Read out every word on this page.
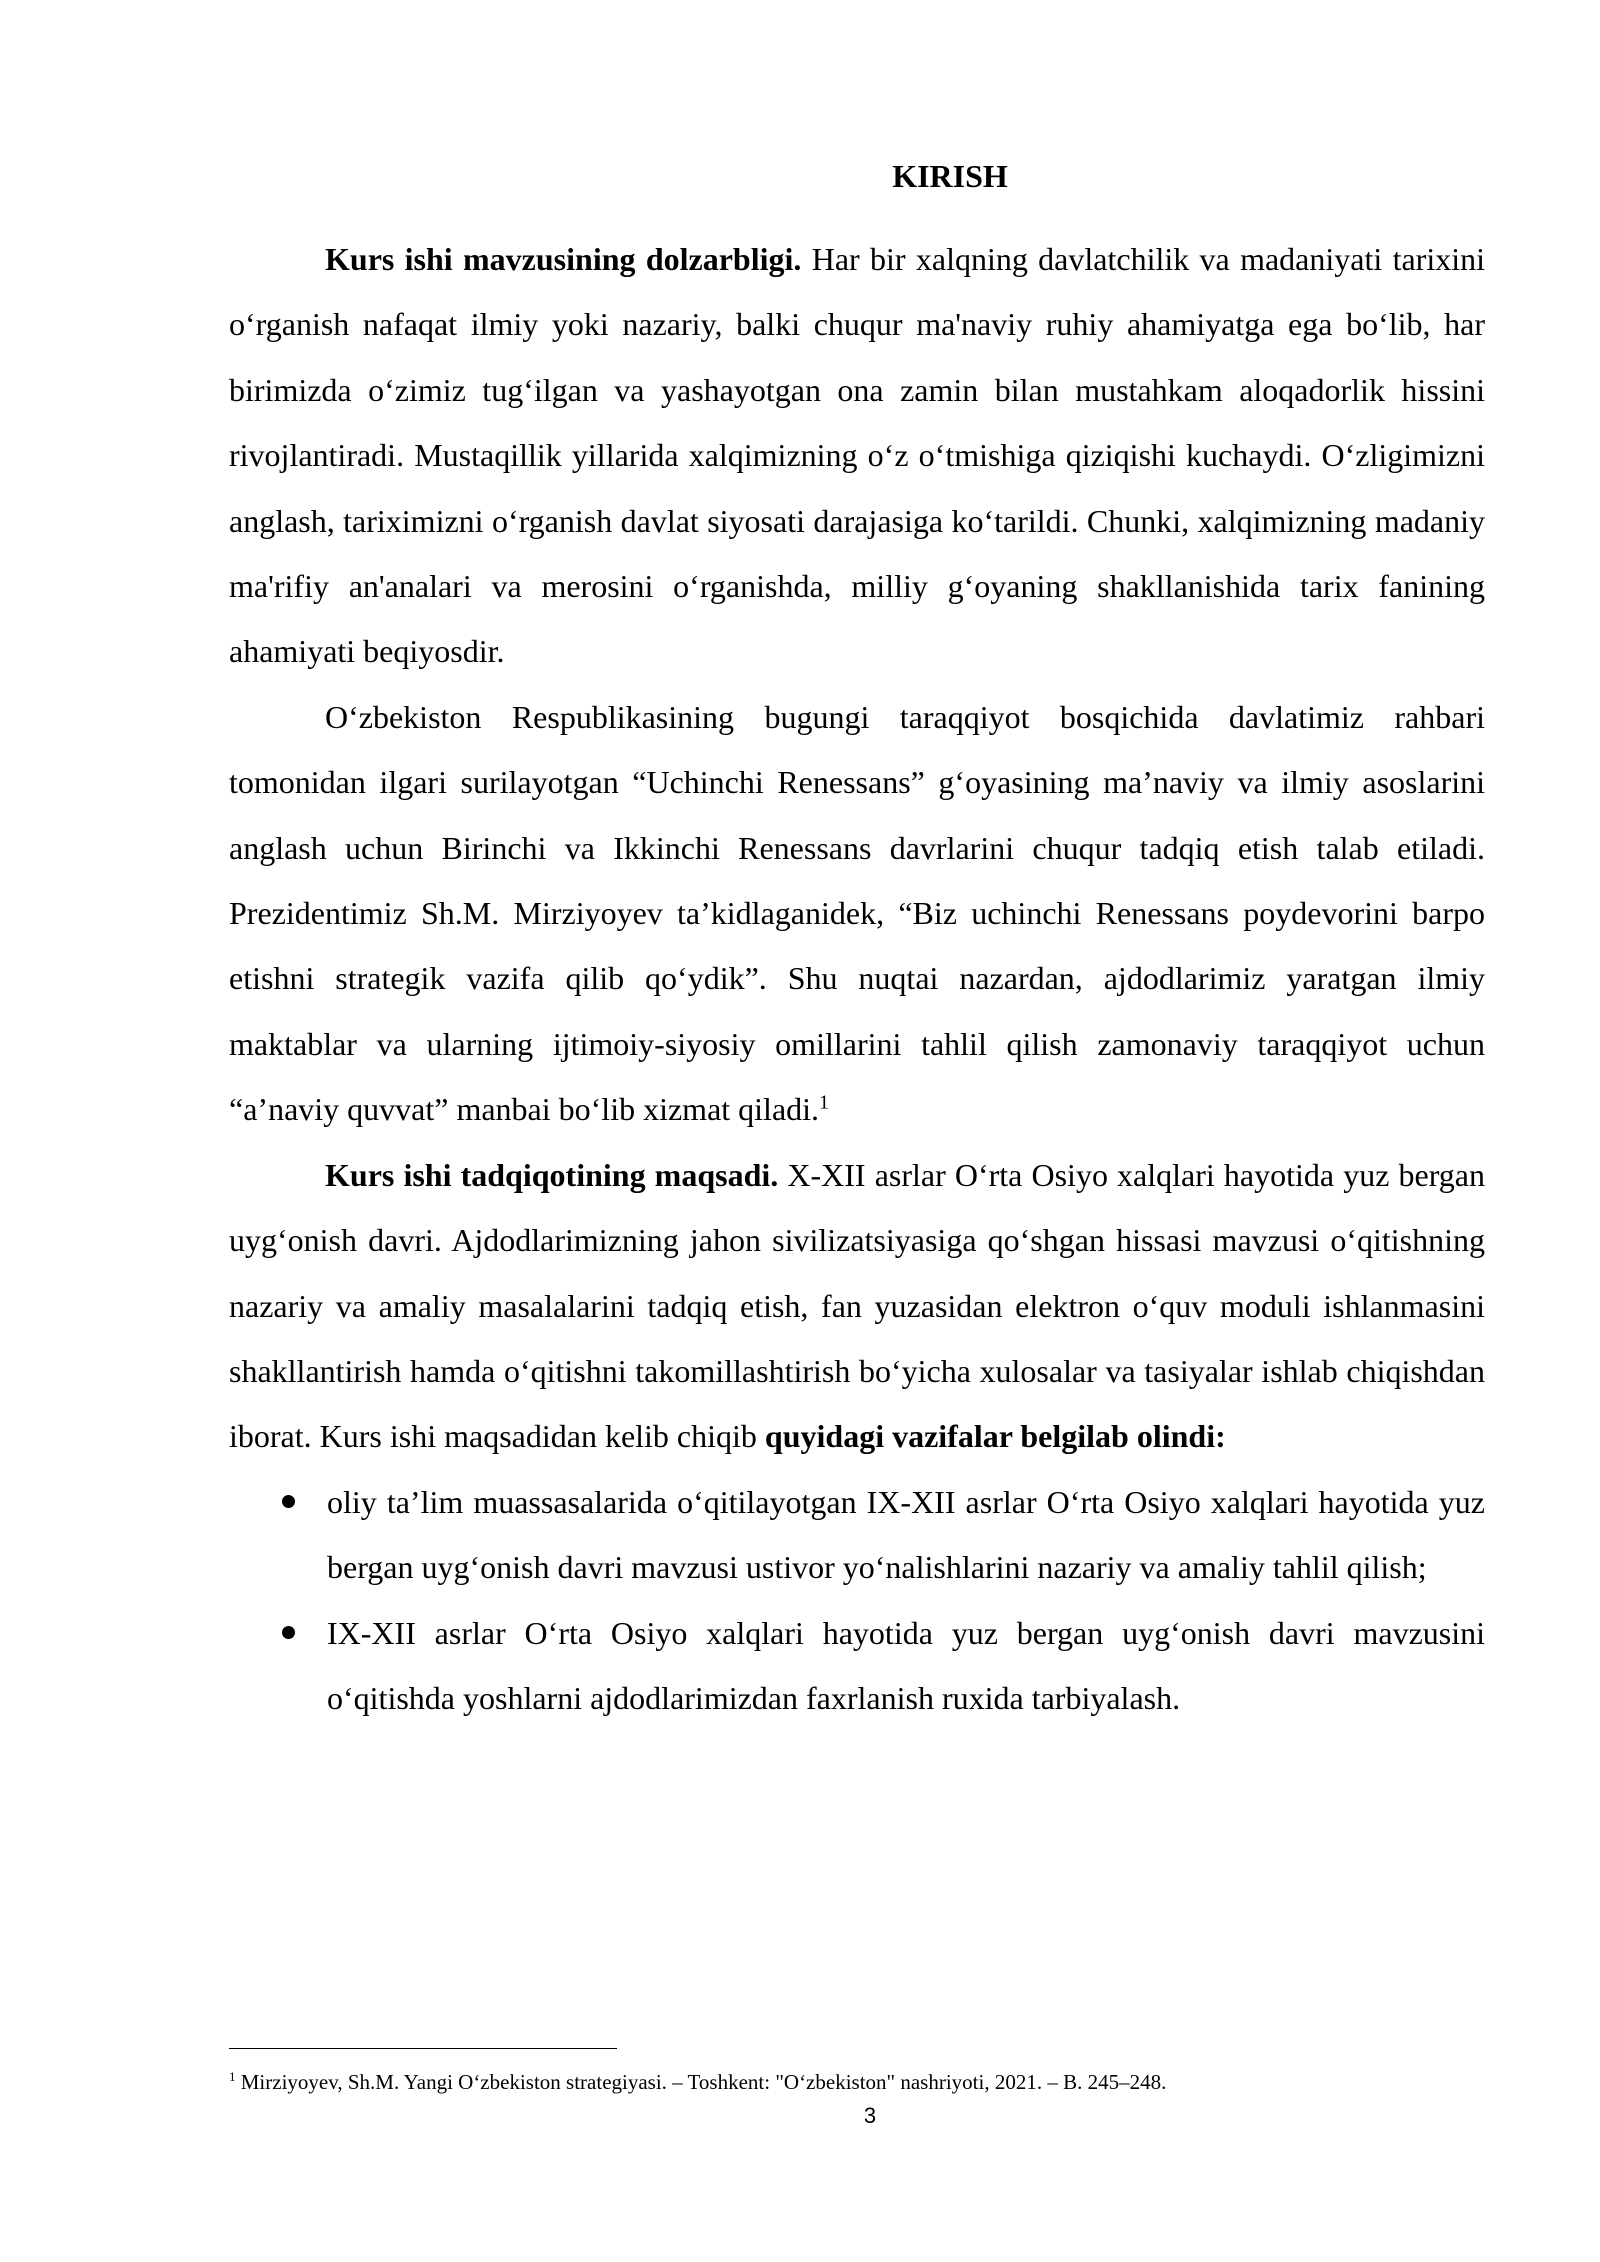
KIRISH

Kurs ishi mavzusining dolzarbligi. Har bir xalqning davlatchilik va madaniyati tarixini o‘rganish nafaqat ilmiy yoki nazariy, balki chuqur ma'naviy ruhiy ahamiyatga ega bo‘lib, har birimizda o‘zimiz tug‘ilgan va yashayotgan ona zamin bilan mustahkam aloqadorlik hissini rivojlantiradi. Mustaqillik yillarida xalqimizning o‘z o‘tmishiga qiziqishi kuchaydi. O‘zligimizni anglash, tariximizni o‘rganish davlat siyosati darajasiga ko‘tarildi. Chunki, xalqimizning madaniy ma'rifiy an'analari va merosini o‘rganishda, milliy g‘oyaning shakllanishida tarix fanining ahamiyati beqiyosdir.

O‘zbekiston Respublikasining bugungi taraqqiyot bosqichida davlatimiz rahbari tomonidan ilgari surilayotgan “Uchinchi Renessans” g‘oyasining ma’naviy va ilmiy asoslarini anglash uchun Birinchi va Ikkinchi Renessans davrlarini chuqur tadqiq etish talab etiladi. Prezidentimiz Sh.M. Mirziyoyev ta’kidlaganidek, “Biz uchinchi Renessans poydevorini barpo etishni strategik vazifa qilib qo‘ydik”. Shu nuqtai nazardan, ajdodlarimiz yaratgan ilmiy maktablar va ularning ijtimoiy-siyosiy omillarini tahlil qilish zamonaviy taraqqiyot uchun “a’naviy quvvat” manbai bo‘lib xizmat qiladi.$^1$

Kurs ishi tadqiqotining maqsadi. X-XII asrlar O‘rta Osiyo xalqlari hayotida yuz bergan uyg‘onish davri. Ajdodlarimizning jahon sivilizatsiyasiga qo‘shgan hissasi mavzusi o‘qitishning nazariy va amaliy masalalarini tadqiq etish, fan yuzasidan elektron o‘quv moduli ishlanmasini shakllantirish hamda o‘qitishni takomillashtirish bo‘yicha xulosalar va tasiyalar ishlab chiqishdan iborat. Kurs ishi maqsadidan kelib chiqib quyidagi vazifalar belgilab olindi:

oliy ta’lim muassasalarida o‘qitilayotgan IX-XII asrlar O‘rta Osiyo xalqlari hayotida yuz bergan uyg‘onish davri mavzusi ustivor yo‘nalishlarini nazariy va amaliy tahlil qilish;
IX-XII asrlar O‘rta Osiyo xalqlari hayotida yuz bergan uyg‘onish davri mavzusini o‘qitishda yoshlarni ajdodlarimizdan faxrlanish ruxida tarbiyalash.

$^1$ Mirziyoyev, Sh.M. Yangi O‘zbekiston strategiyasi. – Toshkent: "O‘zbekiston" nashriyoti, 2021. – B. 245–248.

3
